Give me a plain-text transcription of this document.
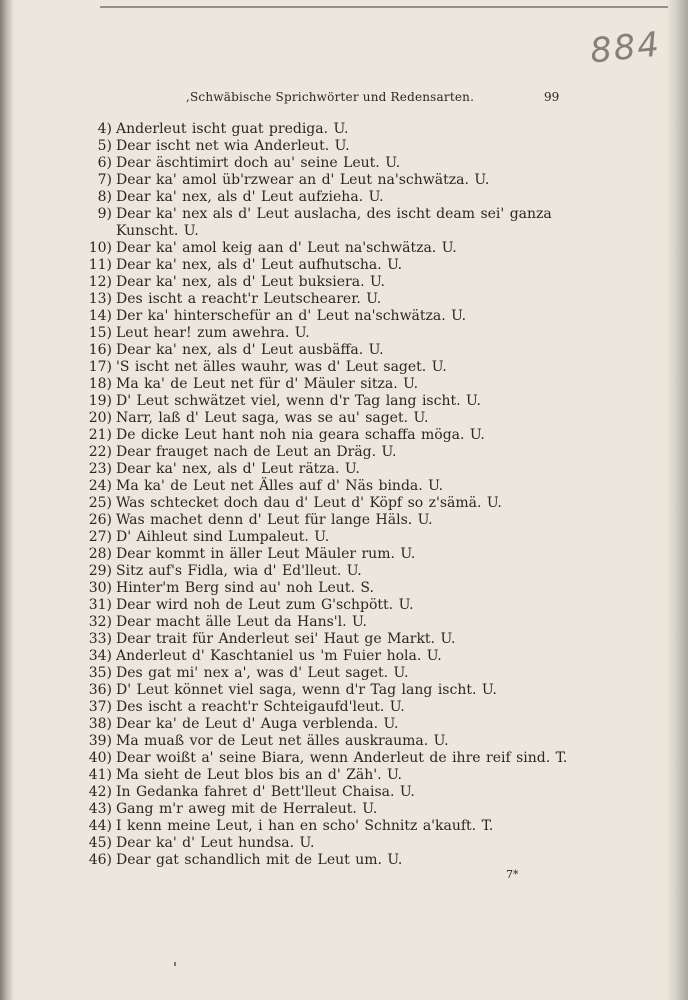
884

,Schwäbische Sprichwörter und Redensarten.	99

4) Anderleut ischt guat prediga. U.
5) Dear ischt net wia Anderleut. U.
6) Dear äschtimirt doch au' seine Leut. U.
7) Dear ka' amol üb'rzwear an d' Leut na'schwätza. U.
8) Dear ka' nex, als d' Leut aufzieha. U.
9) Dear ka' nex als d' Leut auslacha, des ischt deam sei' ganza Kunscht. U.
10) Dear ka' amol keig aan d' Leut na'schwätza. U.
11) Dear ka' nex, als d' Leut aufhutscha. U.
12) Dear ka' nex, als d' Leut buksiera. U.
13) Des ischt a reacht'r Leutschearer. U.
14) Der ka' hinterschefür an d' Leut na'schwätza. U.
15) Leut hear! zum awehra. U.
16) Dear ka' nex, als d' Leut ausbäffa. U.
17) 'S ischt net älles wauhr, was d' Leut saget. U.
18) Ma ka' de Leut net für d' Mäuler sitza. U.
19) D' Leut schwätzet viel, wenn d'r Tag lang ischt. U.
20) Narr, laß d' Leut saga, was se au' saget. U.
21) De dicke Leut hant noh nia geara schaffa möga. U.
22) Dear frauget nach de Leut an Dräg. U.
23) Dear ka' nex, als d' Leut rätza. U.
24) Ma ka' de Leut net Älles auf d' Näs binda. U.
25) Was schtecket doch dau d' Leut d' Köpf so z'sämä. U.
26) Was machet denn d' Leut für lange Häls. U.
27) D' Aihleut sind Lumpaleut. U.
28) Dear kommt in äller Leut Mäuler rum. U.
29) Sitz auf's Fidla, wia d' Ed'lleut. U.
30) Hinter'm Berg sind au' noh Leut. S.
31) Dear wird noh de Leut zum G'schpött. U.
32) Dear macht älle Leut da Hans'l. U.
33) Dear trait für Anderleut sei' Haut ge Markt. U.
34) Anderleut d' Kaschtaniel us 'm Fuier hola. U.
35) Des gat mi' nex a', was d' Leut saget. U.
36) D' Leut könnet viel saga, wenn d'r Tag lang ischt. U.
37) Des ischt a reacht'r Schteigaufd'leut. U.
38) Dear ka' de Leut d' Auga verblenda. U.
39) Ma muaß vor de Leut net älles auskrauma. U.
40) Dear woißt a' seine Biara, wenn Anderleut de ihre reif sind. T.
41) Ma sieht de Leut blos bis an d' Zäh'. U.
42) In Gedanka fahret d' Bett'lleut Chaisa. U.
43) Gang m'r aweg mit de Herraleut. U.
44) I kenn meine Leut, i han en scho' Schnitz a'kauft. T.
45) Dear ka' d' Leut hundsa. U.
46) Dear gat schandlich mit de Leut um. U.

7*
